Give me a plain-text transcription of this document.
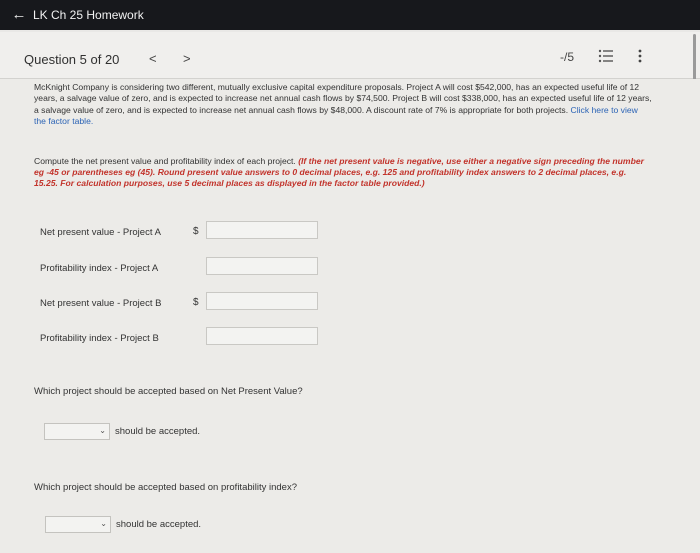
← LK Ch 25 Homework
Question 5 of 20 < >	-/5
McKnight Company is considering two different, mutually exclusive capital expenditure proposals. Project A will cost $542,000, has an expected useful life of 12 years, a salvage value of zero, and is expected to increase net annual cash flows by $74,500. Project B will cost $338,000, has an expected useful life of 12 years, a salvage value of zero, and is expected to increase net annual cash flows by $48,000. A discount rate of 7% is appropriate for both projects. Click here to view the factor table.
Compute the net present value and profitability index of each project. (If the net present value is negative, use either a negative sign preceding the number eg -45 or parentheses eg (45). Round present value answers to 0 decimal places, e.g. 125 and profitability index answers to 2 decimal places, e.g. 15.25. For calculation purposes, use 5 decimal places as displayed in the factor table provided.)
Net present value - Project A	$
Profitability index - Project A
Net present value - Project B	$
Profitability index - Project B
Which project should be accepted based on Net Present Value?
⌄ should be accepted.
Which project should be accepted based on profitability index?
⌄ should be accepted.
